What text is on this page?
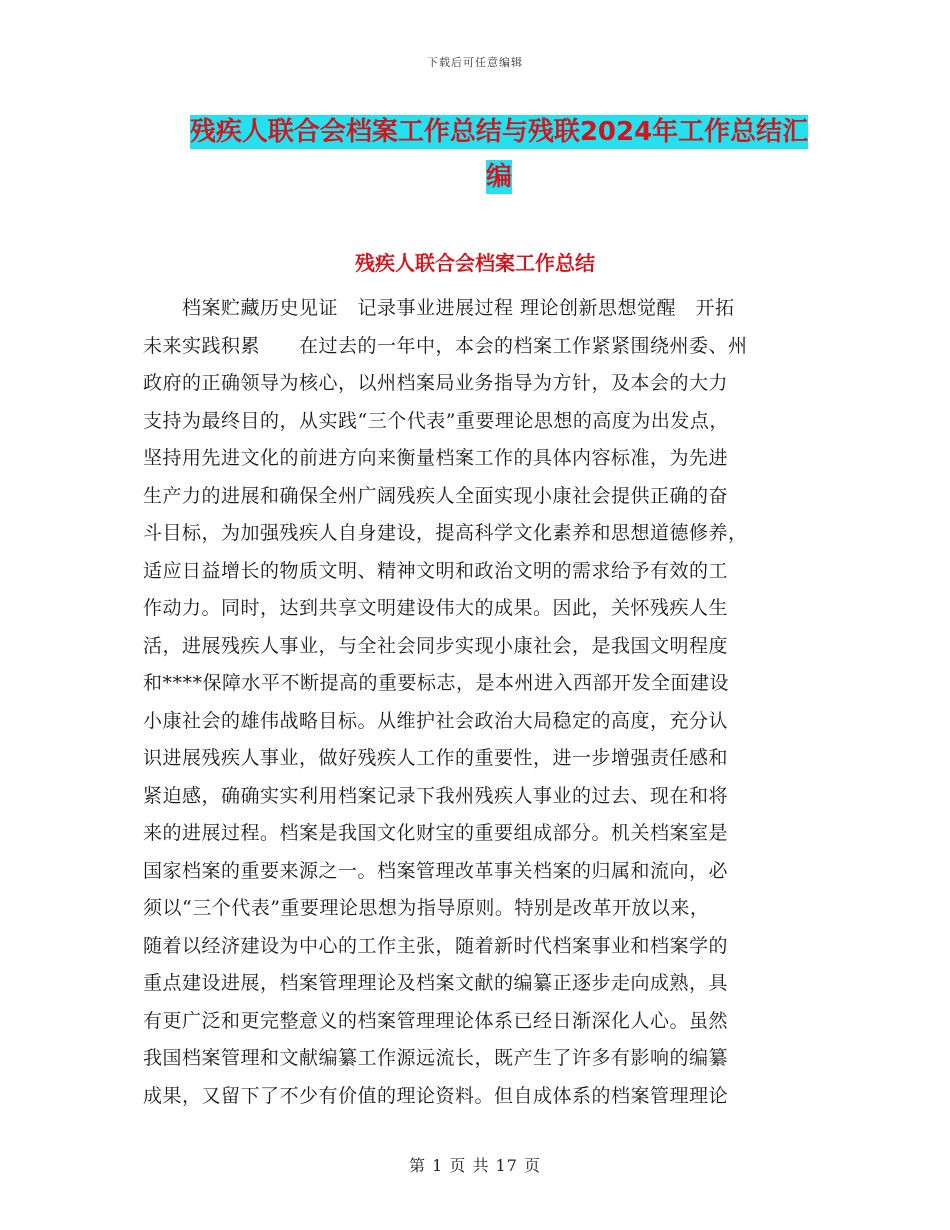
下载后可任意编辑
残疾人联合会档案工作总结与残联2024年工作总结汇
编
残疾人联合会档案工作总结
　　档案贮藏历史见证　记录事业进展过程 理论创新思想觉醒　开拓
未来实践积累　　在过去的一年中，本会的档案工作紧紧围绕州委、州
政府的正确领导为核心，以州档案局业务指导为方针，及本会的大力
支持为最终目的，从实践“三个代表”重要理论思想的高度为出发点，
坚持用先进文化的前进方向来衡量档案工作的具体内容标准，为先进
生产力的进展和确保全州广阔残疾人全面实现小康社会提供正确的奋
斗目标，为加强残疾人自身建设，提高科学文化素养和思想道德修养，
适应日益增长的物质文明、精神文明和政治文明的需求给予有效的工
作动力。同时，达到共享文明建设伟大的成果。因此，关怀残疾人生
活，进展残疾人事业，与全社会同步实现小康社会，是我国文明程度
和****保障水平不断提高的重要标志，是本州进入西部开发全面建设
小康社会的雄伟战略目标。从维护社会政治大局稳定的高度，充分认
识进展残疾人事业，做好残疾人工作的重要性，进一步增强责任感和
紧迫感，确确实实利用档案记录下我州残疾人事业的过去、现在和将
来的进展过程。档案是我国文化财宝的重要组成部分。机关档案室是
国家档案的重要来源之一。档案管理改革事关档案的归属和流向，必
须以“三个代表”重要理论思想为指导原则。特别是改革开放以来，
随着以经济建设为中心的工作主张，随着新时代档案事业和档案学的
重点建设进展，档案管理理论及档案文献的编纂正逐步走向成熟，具
有更广泛和更完整意义的档案管理理论体系已经日渐深化人心。虽然
我国档案管理和文献编纂工作源远流长，既产生了许多有影响的编纂
成果，又留下了不少有价值的理论资料。但自成体系的档案管理理论
第 1 页 共 17 页
